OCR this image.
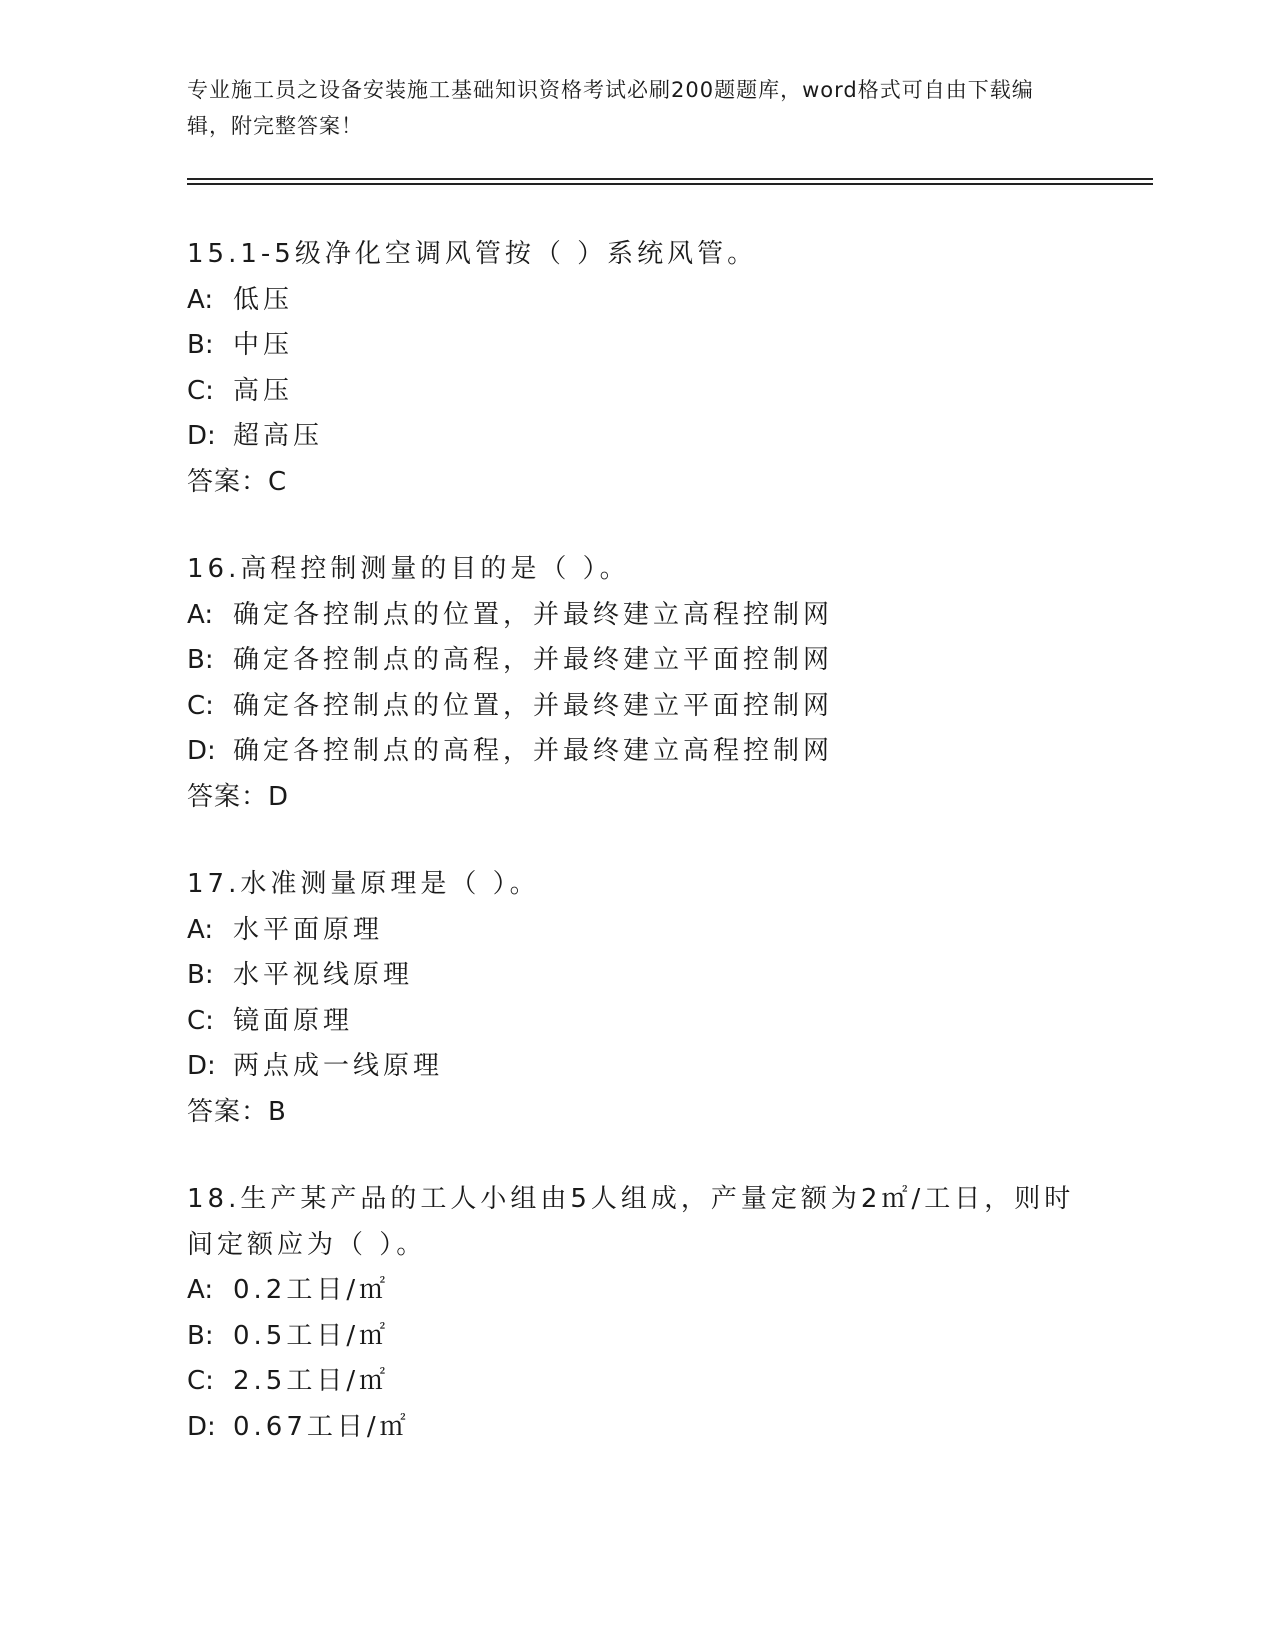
专业施工员之设备安装施工基础知识资格考试必刷200题题库，word格式可自由下载编辑，附完整答案！
15.1-5级净化空调风管按（ ）系统风管。
A: 低压
B: 中压
C: 高压
D: 超高压
答案：C
16.高程控制测量的目的是（ ）。
A: 确定各控制点的位置，并最终建立高程控制网
B: 确定各控制点的高程，并最终建立平面控制网
C: 确定各控制点的位置，并最终建立平面控制网
D: 确定各控制点的高程，并最终建立高程控制网
答案：D
17.水准测量原理是（ ）。
A: 水平面原理
B: 水平视线原理
C: 镜面原理
D: 两点成一线原理
答案：B
18.生产某产品的工人小组由5人组成，产量定额为2㎡/工日，则时间定额应为（ ）。
A: 0.2工日/㎡
B: 0.5工日/㎡
C: 2.5工日/㎡
D: 0.67工日/㎡
